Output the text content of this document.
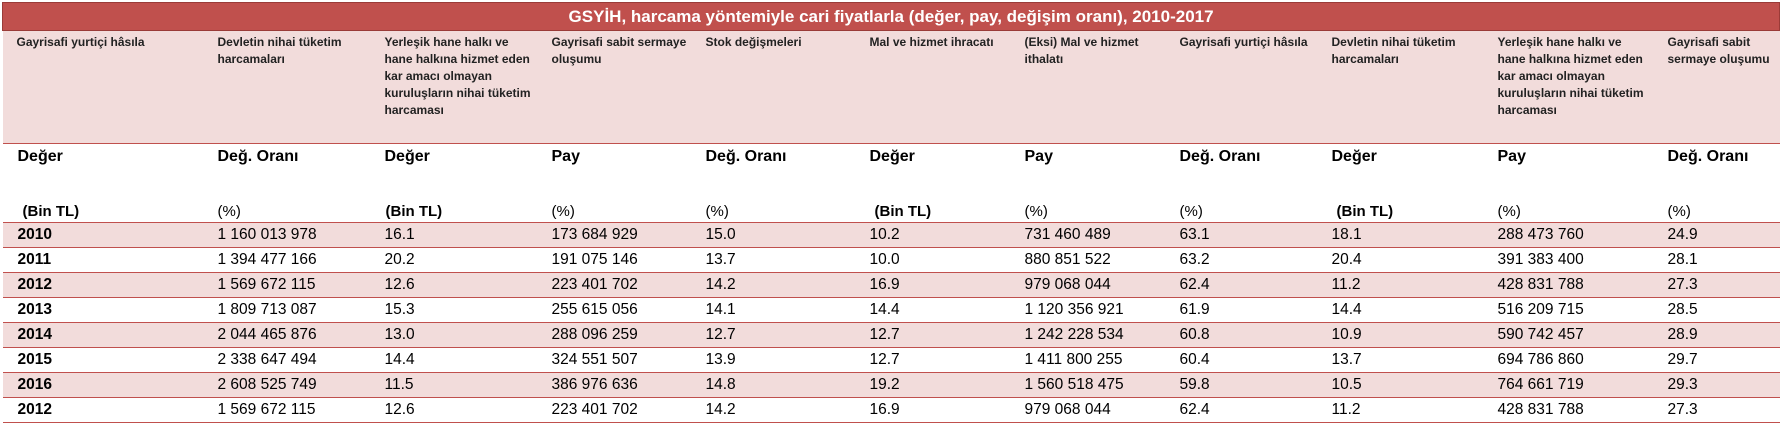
GSYİH, harcama yöntemiyle cari fiyatlarla (değer, pay, değişim oranı), 2010-2017										
Gayrisafi yurtiçi hâsıla	Devletin nihai tüketim harcamaları	Yerleşik hane halkı ve hane halkına hizmet eden kar amacı olmayan kuruluşların nihai tüketim harcaması	Gayrisafi sabit sermaye oluşumu	Stok değişmeleri	Mal ve hizmet ihracatı	(Eksi) Mal ve hizmet ithalatı	Gayrisafi yurtiçi hâsıla	Devletin nihai tüketim harcamaları	Yerleşik hane halkı ve hane halkına hizmet eden kar amacı olmayan kuruluşların nihai tüketim harcaması	Gayrisafi sabit sermaye oluşumu
Değer	Değ. Oranı	Değer	Pay	Değ. Oranı	Değer	Pay	Değ. Oranı	Değer	Pay	Değ. Oranı
(Bin TL)	(%)	(Bin TL)	(%)	(%)	(Bin TL)	(%)	(%)	(Bin TL)	(%)	(%)
2010	1 160 013 978	16.1	173 684 929	15.0	10.2	731 460 489	63.1	18.1	288 473 760	24.9
2011	1 394 477 166	20.2	191 075 146	13.7	10.0	880 851 522	63.2	20.4	391 383 400	28.1
2012	1 569 672 115	12.6	223 401 702	14.2	16.9	979 068 044	62.4	11.2	428 831 788	27.3
2013	1 809 713 087	15.3	255 615 056	14.1	14.4	1 120 356 921	61.9	14.4	516 209 715	28.5
2014	2 044 465 876	13.0	288 096 259	12.7	12.7	1 242 228 534	60.8	10.9	590 742 457	28.9
2015	2 338 647 494	14.4	324 551 507	13.9	12.7	1 411 800 255	60.4	13.7	694 786 860	29.7
2016	2 608 525 749	11.5	386 976 636	14.8	19.2	1 560 518 475	59.8	10.5	764 661 719	29.3
2012	1 569 672 115	12.6	223 401 702	14.2	16.9	979 068 044	62.4	11.2	428 831 788	27.3
